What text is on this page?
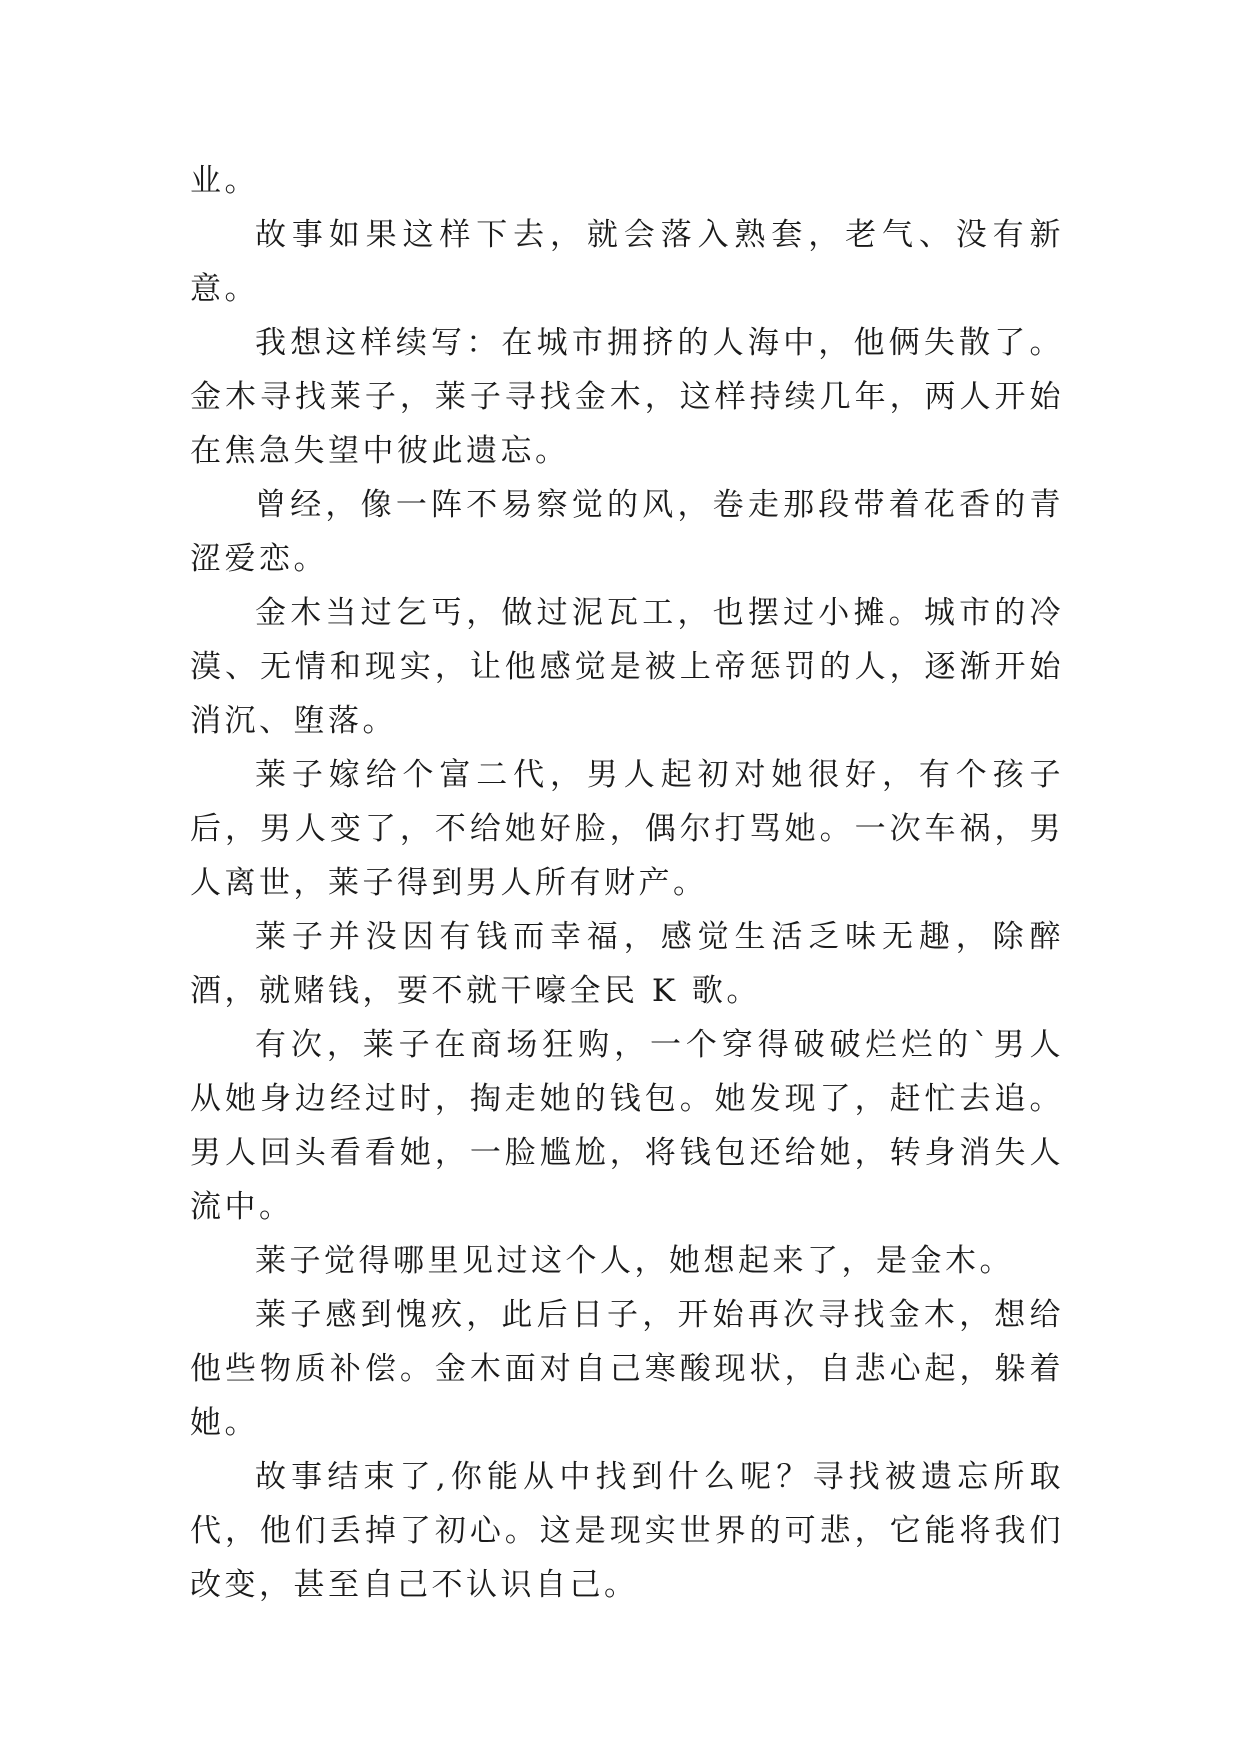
业。

故事如果这样下去，就会落入熟套，老气、没有新意。

我想这样续写：在城市拥挤的人海中，他俩失散了。金木寻找莱子，莱子寻找金木，这样持续几年，两人开始在焦急失望中彼此遗忘。

曾经，像一阵不易察觉的风，卷走那段带着花香的青涩爱恋。

金木当过乞丐，做过泥瓦工，也摆过小摊。城市的冷漠、无情和现实，让他感觉是被上帝惩罚的人，逐渐开始消沉、堕落。

莱子嫁给个富二代，男人起初对她很好，有个孩子后，男人变了，不给她好脸，偶尔打骂她。一次车祸，男人离世，莱子得到男人所有财产。

莱子并没因有钱而幸福，感觉生活乏味无趣，除醉酒，就赌钱，要不就干嚎全民 K 歌。

有次，莱子在商场狂购，一个穿得破破烂烂的`男人从她身边经过时，掏走她的钱包。她发现了，赶忙去追。男人回头看看她，一脸尴尬，将钱包还给她，转身消失人流中。

莱子觉得哪里见过这个人，她想起来了，是金木。

莱子感到愧疚，此后日子，开始再次寻找金木，想给他些物质补偿。金木面对自己寒酸现状，自悲心起，躲着她。

故事结束了,你能从中找到什么呢？寻找被遗忘所取代，他们丢掉了初心。这是现实世界的可悲，它能将我们改变，甚至自己不认识自己。
